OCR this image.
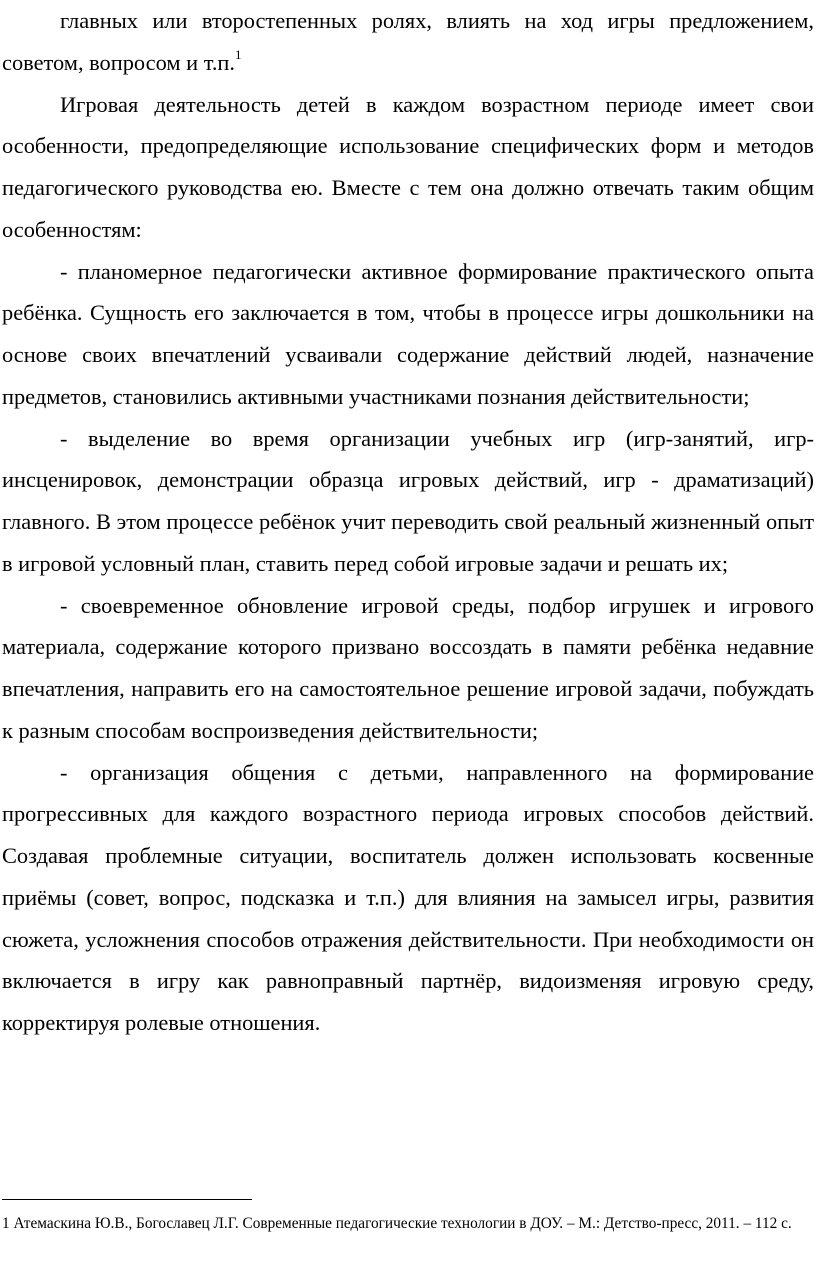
главных или второстепенных ролях, влиять на ход игры предложением, советом, вопросом и т.п.$^1$

Игровая деятельность детей в каждом возрастном периоде имеет свои особенности, предопределяющие использование специфических форм и методов педагогического руководства ею. Вместе с тем она должно отвечать таким общим особенностям:

- планомерное педагогически активное формирование практического опыта ребёнка. Сущность его заключается в том, чтобы в процессе игры дошкольники на основе своих впечатлений усваивали содержание действий людей, назначение предметов, становились активными участниками познания действительности;

- выделение во время организации учебных игр (игр-занятий, игр-инсценировок, демонстрации образца игровых действий, игр - драматизаций) главного. В этом процессе ребёнок учит переводить свой реальный жизненный опыт в игровой условный план, ставить перед собой игровые задачи и решать их;

- своевременное обновление игровой среды, подбор игрушек и игрового материала, содержание которого призвано воссоздать в памяти ребёнка недавние впечатления, направить его на самостоятельное решение игровой задачи, побуждать к разным способам воспроизведения действительности;

- организация общения с детьми, направленного на формирование прогрессивных для каждого возрастного периода игровых способов действий. Создавая проблемные ситуации, воспитатель должен использовать косвенные приёмы (совет, вопрос, подсказка и т.п.) для влияния на замысел игры, развития сюжета, усложнения способов отражения действительности. При необходимости он включается в игру как равноправный партнёр, видоизменяя игровую среду, корректируя ролевые отношения.

1 Атемаскина Ю.В., Богославец Л.Г. Современные педагогические технологии в ДОУ. – М.: Детство-пресс, 2011. – 112 с.
